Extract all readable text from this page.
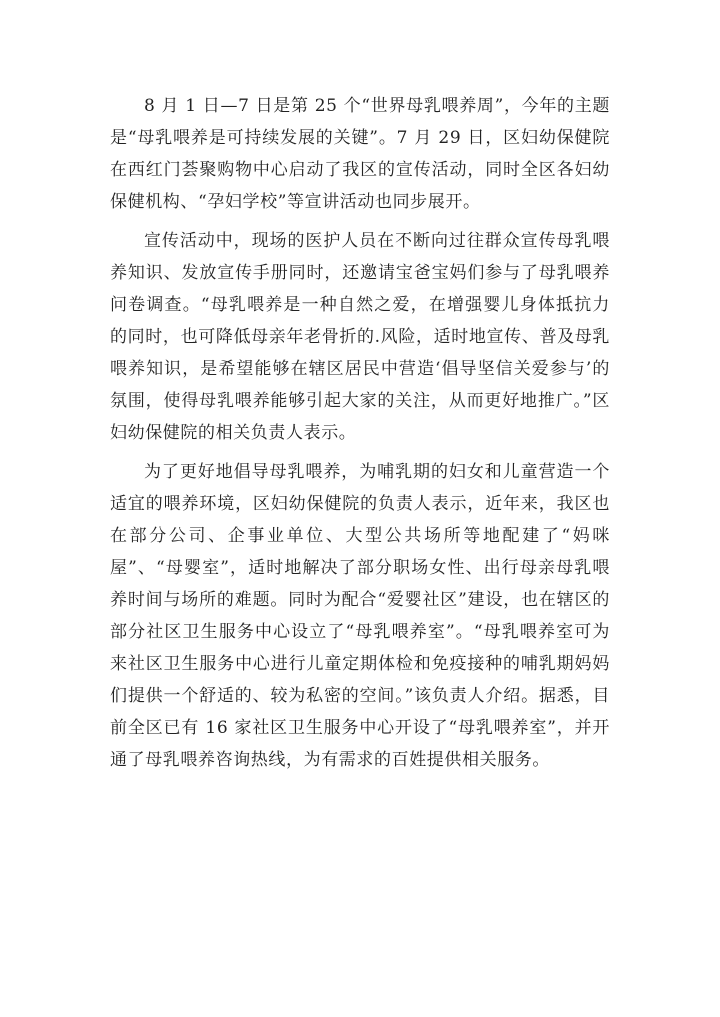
8 月 1 日—7 日是第 25 个“世界母乳喂养周”，今年的主题是“母乳喂养是可持续发展的关键”。7 月 29 日，区妇幼保健院在西红门荟聚购物中心启动了我区的宣传活动，同时全区各妇幼保健机构、“孕妇学校”等宣讲活动也同步展开。

宣传活动中，现场的医护人员在不断向过往群众宣传母乳喂养知识、发放宣传手册同时，还邀请宝爸宝妈们参与了母乳喂养问卷调查。“母乳喂养是一种自然之爱，在增强婴儿身体抵抗力的同时，也可降低母亲年老骨折的.风险，适时地宣传、普及母乳喂养知识，是希望能够在辖区居民中营造‘倡导坚信关爱参与’的氛围，使得母乳喂养能够引起大家的关注，从而更好地推广。”区妇幼保健院的相关负责人表示。

为了更好地倡导母乳喂养，为哺乳期的妇女和儿童营造一个适宜的喂养环境，区妇幼保健院的负责人表示，近年来，我区也在部分公司、企事业单位、大型公共场所等地配建了“妈咪屋”、“母婴室”，适时地解决了部分职场女性、出行母亲母乳喂养时间与场所的难题。同时为配合“爱婴社区”建设，也在辖区的部分社区卫生服务中心设立了“母乳喂养室”。“母乳喂养室可为来社区卫生服务中心进行儿童定期体检和免疫接种的哺乳期妈妈们提供一个舒适的、较为私密的空间。”该负责人介绍。据悉，目前全区已有 16 家社区卫生服务中心开设了“母乳喂养室”，并开通了母乳喂养咨询热线，为有需求的百姓提供相关服务。
